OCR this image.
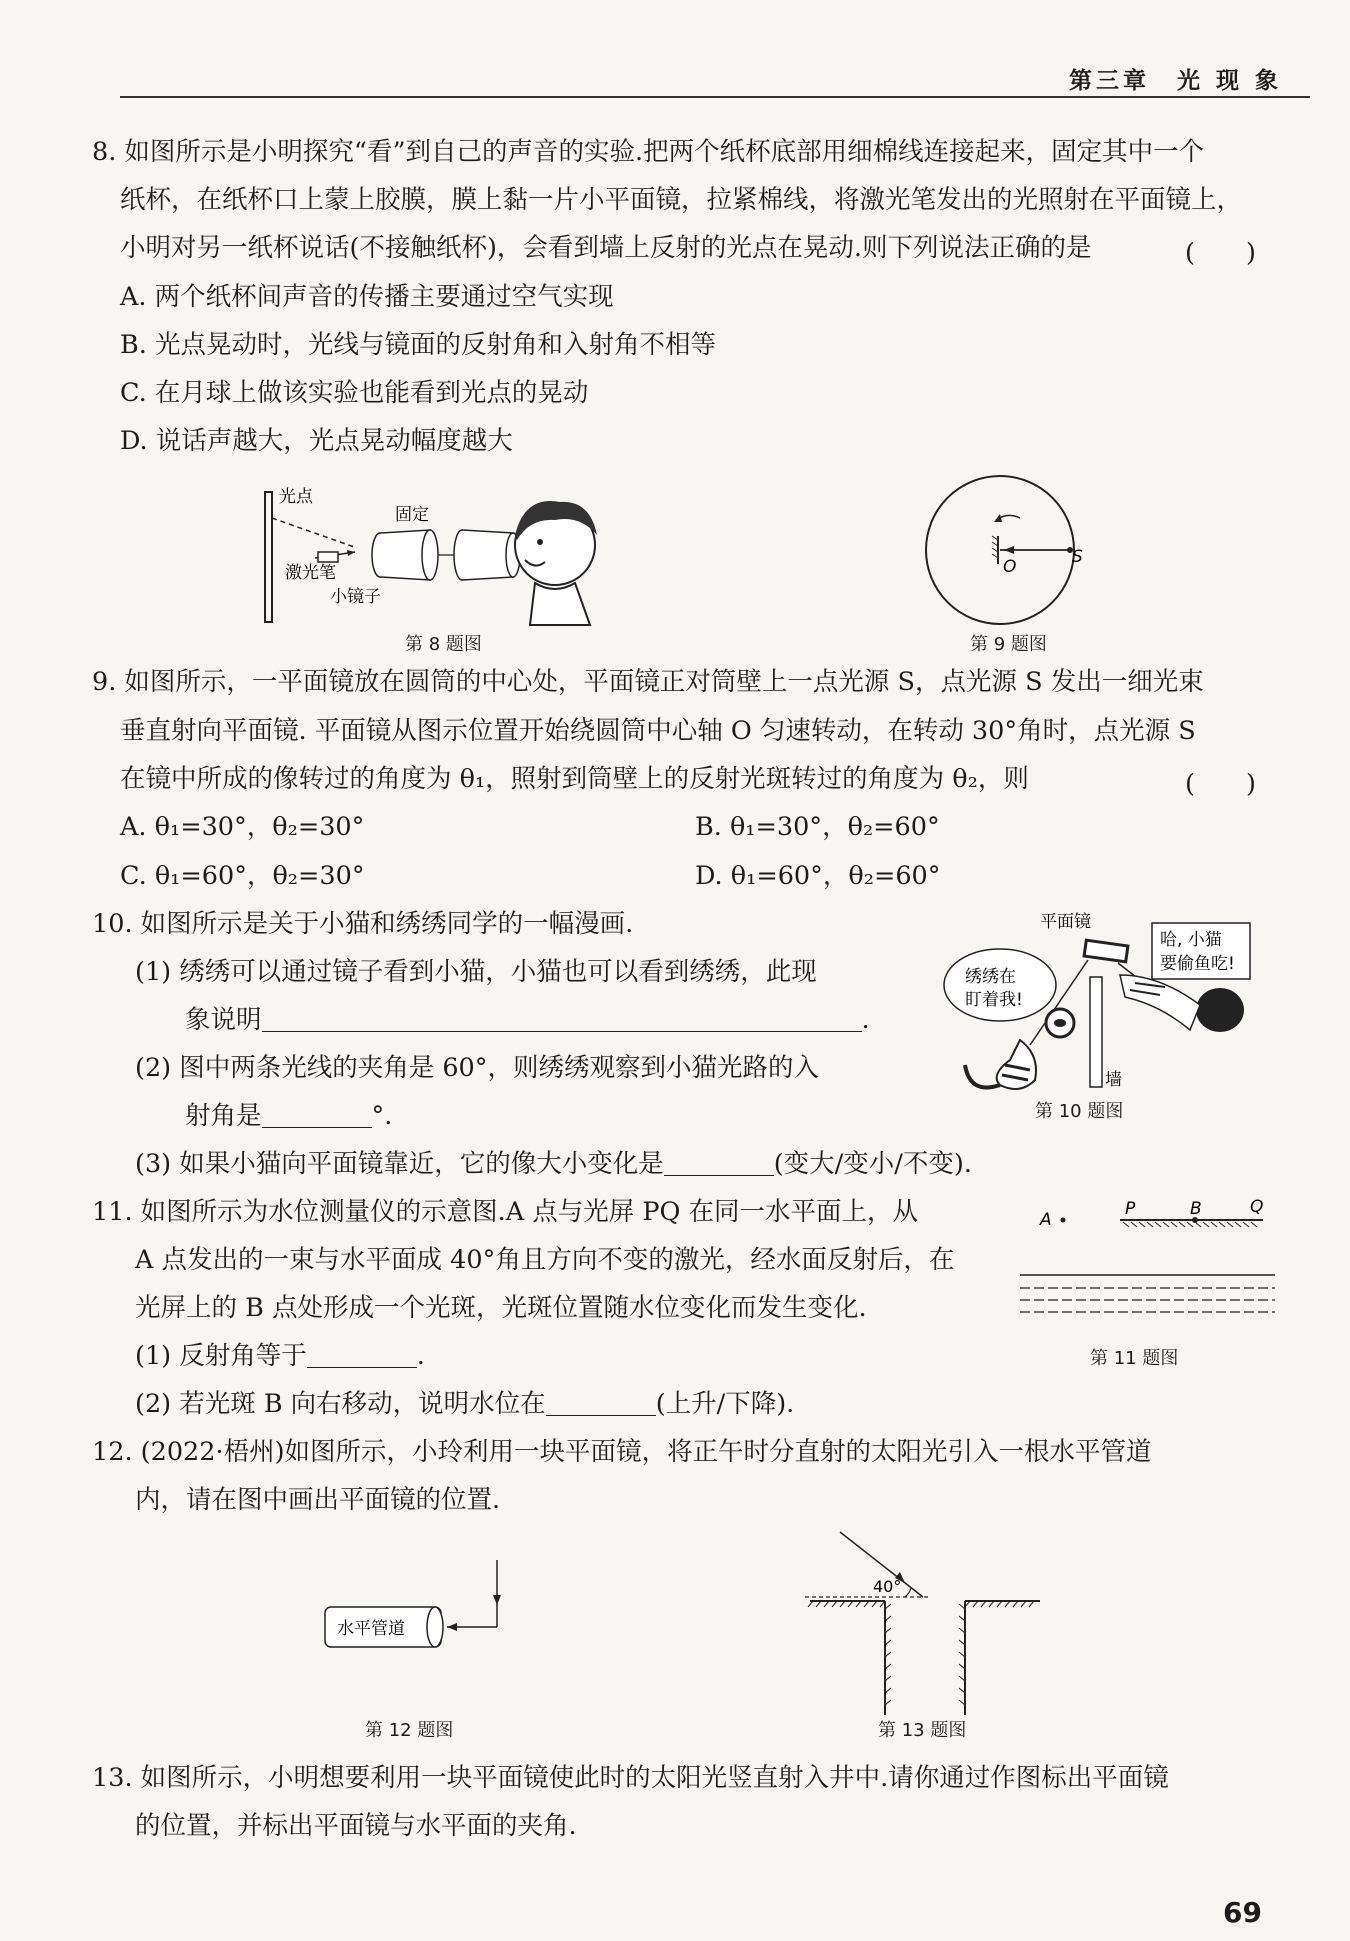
第三章　光 现 象
8. 如图所示是小明探究“看”到自己的声音的实验.把两个纸杯底部用细棉线连接起来，固定其中一个
纸杯，在纸杯口上蒙上胶膜，膜上黏一片小平面镜，拉紧棉线，将激光笔发出的光照射在平面镜上，
小明对另一纸杯说话(不接触纸杯)，会看到墙上反射的光点在晃动.则下列说法正确的是	(　　)
A. 两个纸杯间声音的传播主要通过空气实现
B. 光点晃动时，光线与镜面的反射角和入射角不相等
C. 在月球上做该实验也能看到光点的晃动
D. 说话声越大，光点晃动幅度越大
光点
固定
激光笔
小镜子
第 8 题图
O	S
第 9 题图
9. 如图所示，一平面镜放在圆筒的中心处，平面镜正对筒壁上一点光源 S，点光源 S 发出一细光束
垂直射向平面镜. 平面镜从图示位置开始绕圆筒中心轴 O 匀速转动，在转动 30°角时，点光源 S
在镜中所成的像转过的角度为 θ₁，照射到筒壁上的反射光斑转过的角度为 θ₂，则	(　　)
A. θ₁=30°，θ₂=30°	B. θ₁=30°，θ₂=60°
C. θ₁=60°，θ₂=30°	D. θ₁=60°，θ₂=60°
10. 如图所示是关于小猫和绣绣同学的一幅漫画.
(1) 绣绣可以通过镜子看到小猫，小猫也可以看到绣绣，此现
象说明	.
(2) 图中两条光线的夹角是 60°，则绣绣观察到小猫光路的入
射角是	°.
(3) 如果小猫向平面镜靠近，它的像大小变化是	(变大/变小/不变).
平面镜
哈, 小猫
要偷鱼吃!
绣绣在
盯着我!
墙
第 10 题图
11. 如图所示为水位测量仪的示意图.A 点与光屏 PQ 在同一水平面上，从
A 点发出的一束与水平面成 40°角且方向不变的激光，经水面反射后，在
光屏上的 B 点处形成一个光斑，光斑位置随水位变化而发生变化.
(1) 反射角等于	.
(2) 若光斑 B 向右移动，说明水位在	(上升/下降).
A
P	B	Q
第 11 题图
12. (2022·梧州)如图所示，小玲利用一块平面镜，将正午时分直射的太阳光引入一根水平管道
内，请在图中画出平面镜的位置.
水平管道
第 12 题图
40°
第 13 题图
13. 如图所示，小明想要利用一块平面镜使此时的太阳光竖直射入井中.请你通过作图标出平面镜
的位置，并标出平面镜与水平面的夹角.
69
